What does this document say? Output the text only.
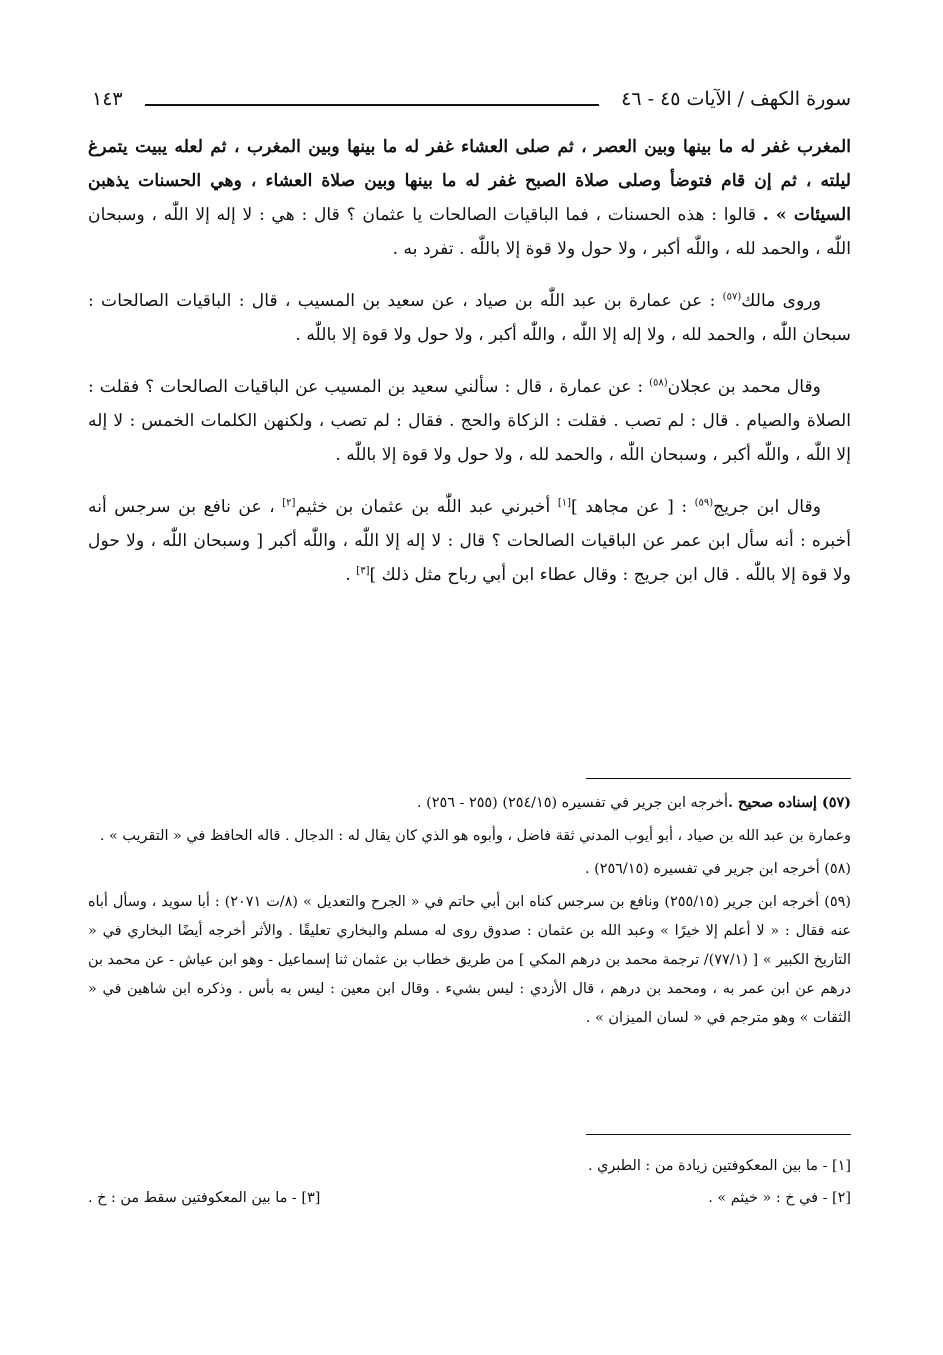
سورة الكهف / الآيات ٤٥ - ٤٦
١٤٣

المغرب غفر له ما بينها وبين العصر ، ثم صلى العشاء غفر له ما بينها وبين المغرب ، ثم لعله يبيت يتمرغ ليلته ، ثم إن قام فتوضأ وصلى صلاة الصبح غفر له ما بينها وبين صلاة العشاء ، وهي الحسنات يذهبن السيئات » . قالوا : هذه الحسنات ، فما الباقيات الصالحات يا عثمان ؟ قال : هي : لا إله إلا اللّٰه ، وسبحان اللّٰه ، والحمد لله ، واللّٰه أكبر ، ولا حول ولا قوة إلا باللّٰه . تفرد به .

وروى مالك$^{(٥٧)}$ : عن عمارة بن عبد اللّٰه بن صياد ، عن سعيد بن المسيب ، قال : الباقيات الصالحات : سبحان اللّٰه ، والحمد لله ، ولا إله إلا اللّٰه ، واللّٰه أكبر ، ولا حول ولا قوة إلا باللّٰه .

وقال محمد بن عجلان$^{(٥٨)}$ : عن عمارة ، قال : سألني سعيد بن المسيب عن الباقيات الصالحات ؟ فقلت : الصلاة والصيام . قال : لم تصب . فقلت : الزكاة والحج . فقال : لم تصب ، ولكنهن الكلمات الخمس : لا إله إلا اللّٰه ، واللّٰه أكبر ، وسبحان اللّٰه ، والحمد لله ، ولا حول ولا قوة إلا باللّٰه .

وقال ابن جريج$^{(٥٩)}$ : [ عن مجاهد ][١] أخبرني عبد اللّٰه بن عثمان بن خثيم[٢] ، عن نافع بن سرجس أنه أخبره : أنه سأل ابن عمر عن الباقيات الصالحات ؟ قال : لا إله إلا اللّٰه ، واللّٰه أكبر [ وسبحان اللّٰه ، ولا حول ولا قوة إلا باللّٰه . قال ابن جريج : وقال عطاء ابن أبي رباح مثل ذلك ][٣] .

(٥٧) إسناده صحيح .أخرجه ابن جرير في تفسيره (٢٥٤/١٥) (٢٥٥ - ٢٥٦) .

وعمارة بن عبد الله بن صياد ، أبو أيوب المدني ثقة فاضل ، وأبوه هو الذي كان يقال له : الدجال . قاله الحافظ في « التقريب » .

(٥٨) أخرجه ابن جرير في تفسيره (٢٥٦/١٥) .

(٥٩) أخرجه ابن جرير (٢٥٥/١٥) ونافع بن سرجس كناه ابن أبي حاتم في « الجرح والتعديل » (٨/ت ٢٠٧١) : أبا سويد ، وسأل أباه عنه فقال : « لا أعلم إلا خيرًا » وعبد الله بن عثمان : صدوق روى له مسلم والبخاري تعليقًا . والأثر أخرجه أيضًا البخاري في « التاريخ الكبير » [ (٧٧/١)/ ترجمة محمد بن درهم المكي ] من طريق خطاب بن عثمان ثنا إسماعيل - وهو ابن عياش - عن محمد بن درهم عن ابن عمر به ، ومحمد بن درهم ، قال الأزدي : ليس بشيء . وقال ابن معين : ليس به بأس . وذكره ابن شاهين في « الثقات » وهو مترجم في « لسان الميزان » .

[١] - ما بين المعكوفتين زيادة من : الطبري .
[٢] - في خ : « خيثم » .
[٣] - ما بين المعكوفتين سقط من : خ .
